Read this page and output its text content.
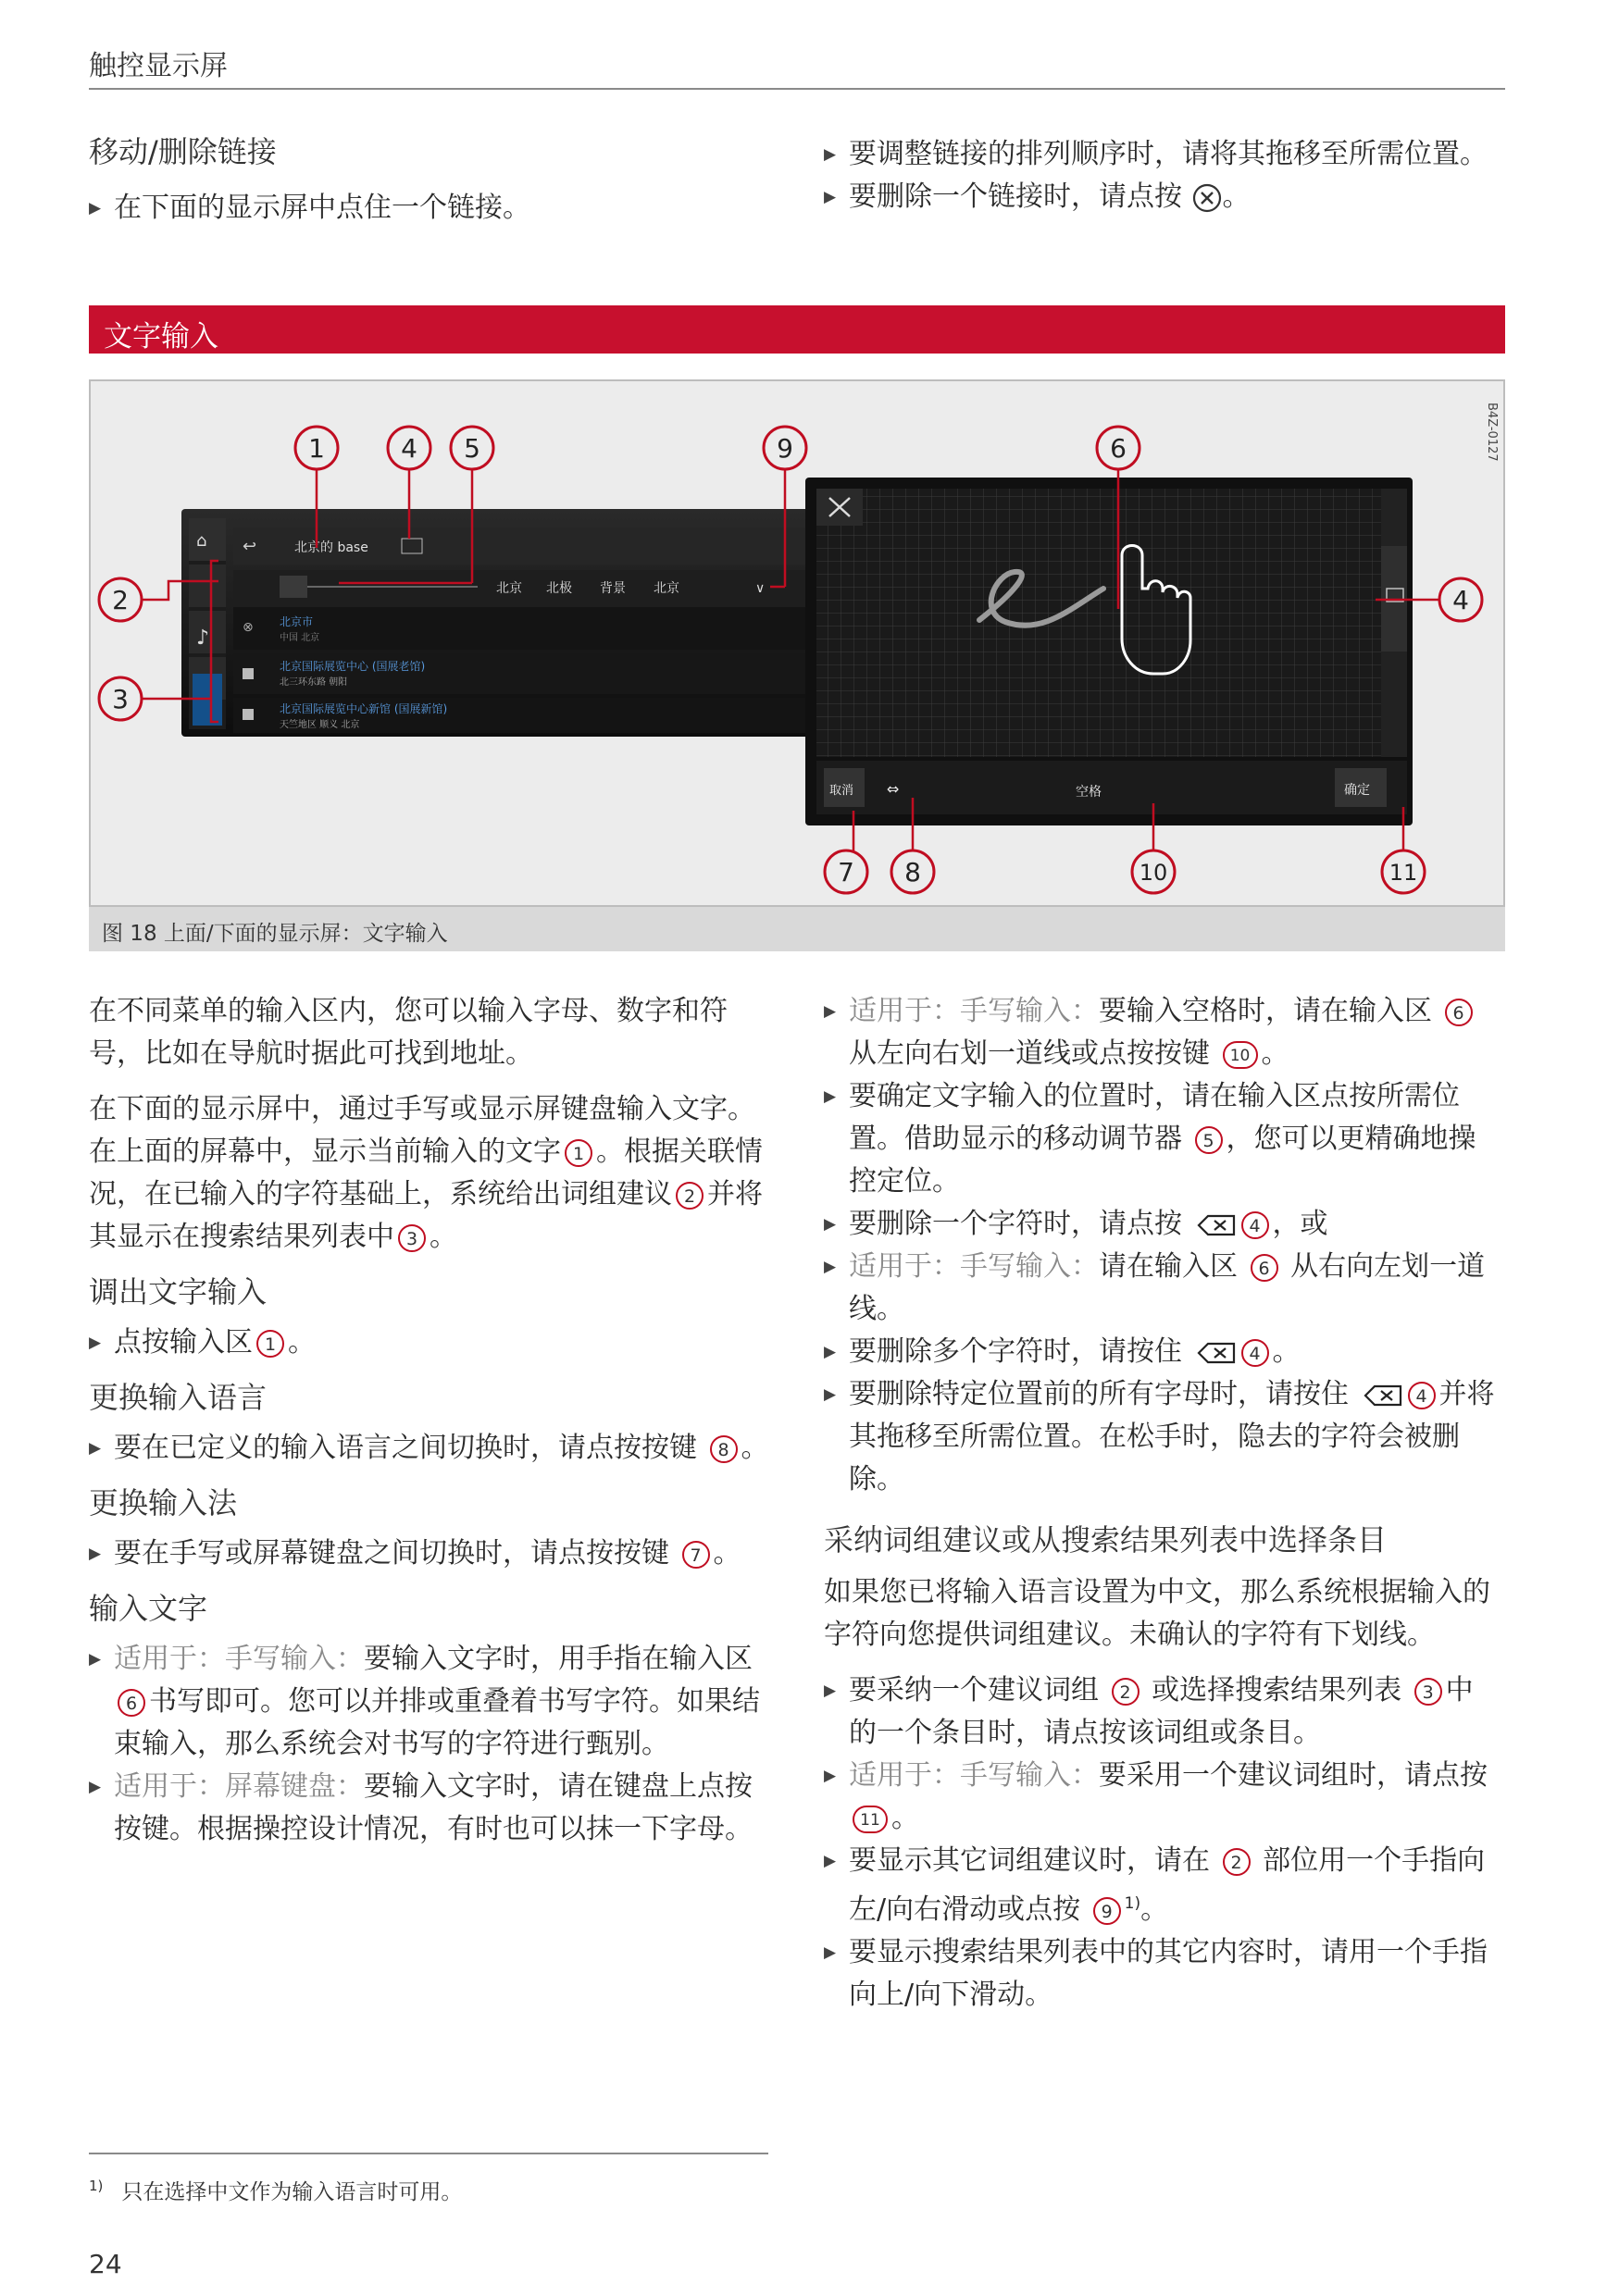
触控显示屏

移动/删除链接

▶ 在下面的显示屏中点住一个链接。

▶ 要调整链接的排列顺序时，请将其拖移至所需位置。

▶ 要删除一个链接时，请点按 。

文字输入
B4Z-0127
⌂
♪
↩	北京的 base
北京 北极 背景 北京	∨
⊗ 北京市
中国 北京
北京国际展览中心 (国展老馆)
北三环东路 朝阳
北京国际展览中心新馆 (国展新馆)
天竺地区 顺义 北京
取消 ⇔	空格	确定
1	4 5	9	6
2
3
4
7 8	10	11
图 18 上面/下面的显示屏：文字输入

在不同菜单的输入区内，您可以输入字母、数字和符号，比如在导航时据此可找到地址。

在下面的显示屏中，通过手写或显示屏键盘输入文字。在上面的屏幕中，显示当前输入的文字 1 。根据关联情况，在已输入的字符基础上，系统给出词组建议 2 并将其显示在搜索结果列表中 3 。

调出文字输入

▶ 点按输入区 1 。

更换输入语言

▶ 要在已定义的输入语言之间切换时，请点按按键 8 。

更换输入法

▶ 要在手写或屏幕键盘之间切换时，请点按按键 7 。

输入文字

▶ 适用于：手写输入：要输入文字时，用手指在输入区6 书写即可。您可以并排或重叠着书写字符。如果结束输入，那么系统会对书写的字符进行甄别。

▶ 适用于：屏幕键盘：要输入文字时，请在键盘上点按按键。根据操控设计情况，有时也可以抹一下字母。

▶ 适用于：手写输入：要输入空格时，请在输入区 6从左向右划一道线或点按按键 10 。

▶ 要确定文字输入的位置时，请在输入区点按所需位置。借助显示的移动调节器 5 ，您可以更精确地操控定位。

▶ 要删除一个字符时，请点按	4 ，或

▶ 适用于：手写输入：请在输入区 6 从右向左划一道线。

▶ 要删除多个字符时，请按住	4 。

▶ 要删除特定位置前的所有字母时，请按住	4 并将其拖移至所需位置。在松手时，隐去的字符会被删除。

采纳词组建议或从搜索结果列表中选择条目

如果您已将输入语言设置为中文，那么系统根据输入的字符向您提供词组建议。未确认的字符有下划线。

▶ 要采纳一个建议词组 2 或选择搜索结果列表 3 中的一个条目时，请点按该词组或条目。

▶ 适用于：手写输入：要采用一个建议词组时，请点按 11 。

▶ 要显示其它词组建议时，请在 2 部位用一个手指向左/向右滑动或点按 9 $^{1)}$。

▶ 要显示搜索结果列表中的其它内容时，请用一个手指向上/向下滑动。

$^{1)}$ 只在选择中文作为输入语言时可用。
24
